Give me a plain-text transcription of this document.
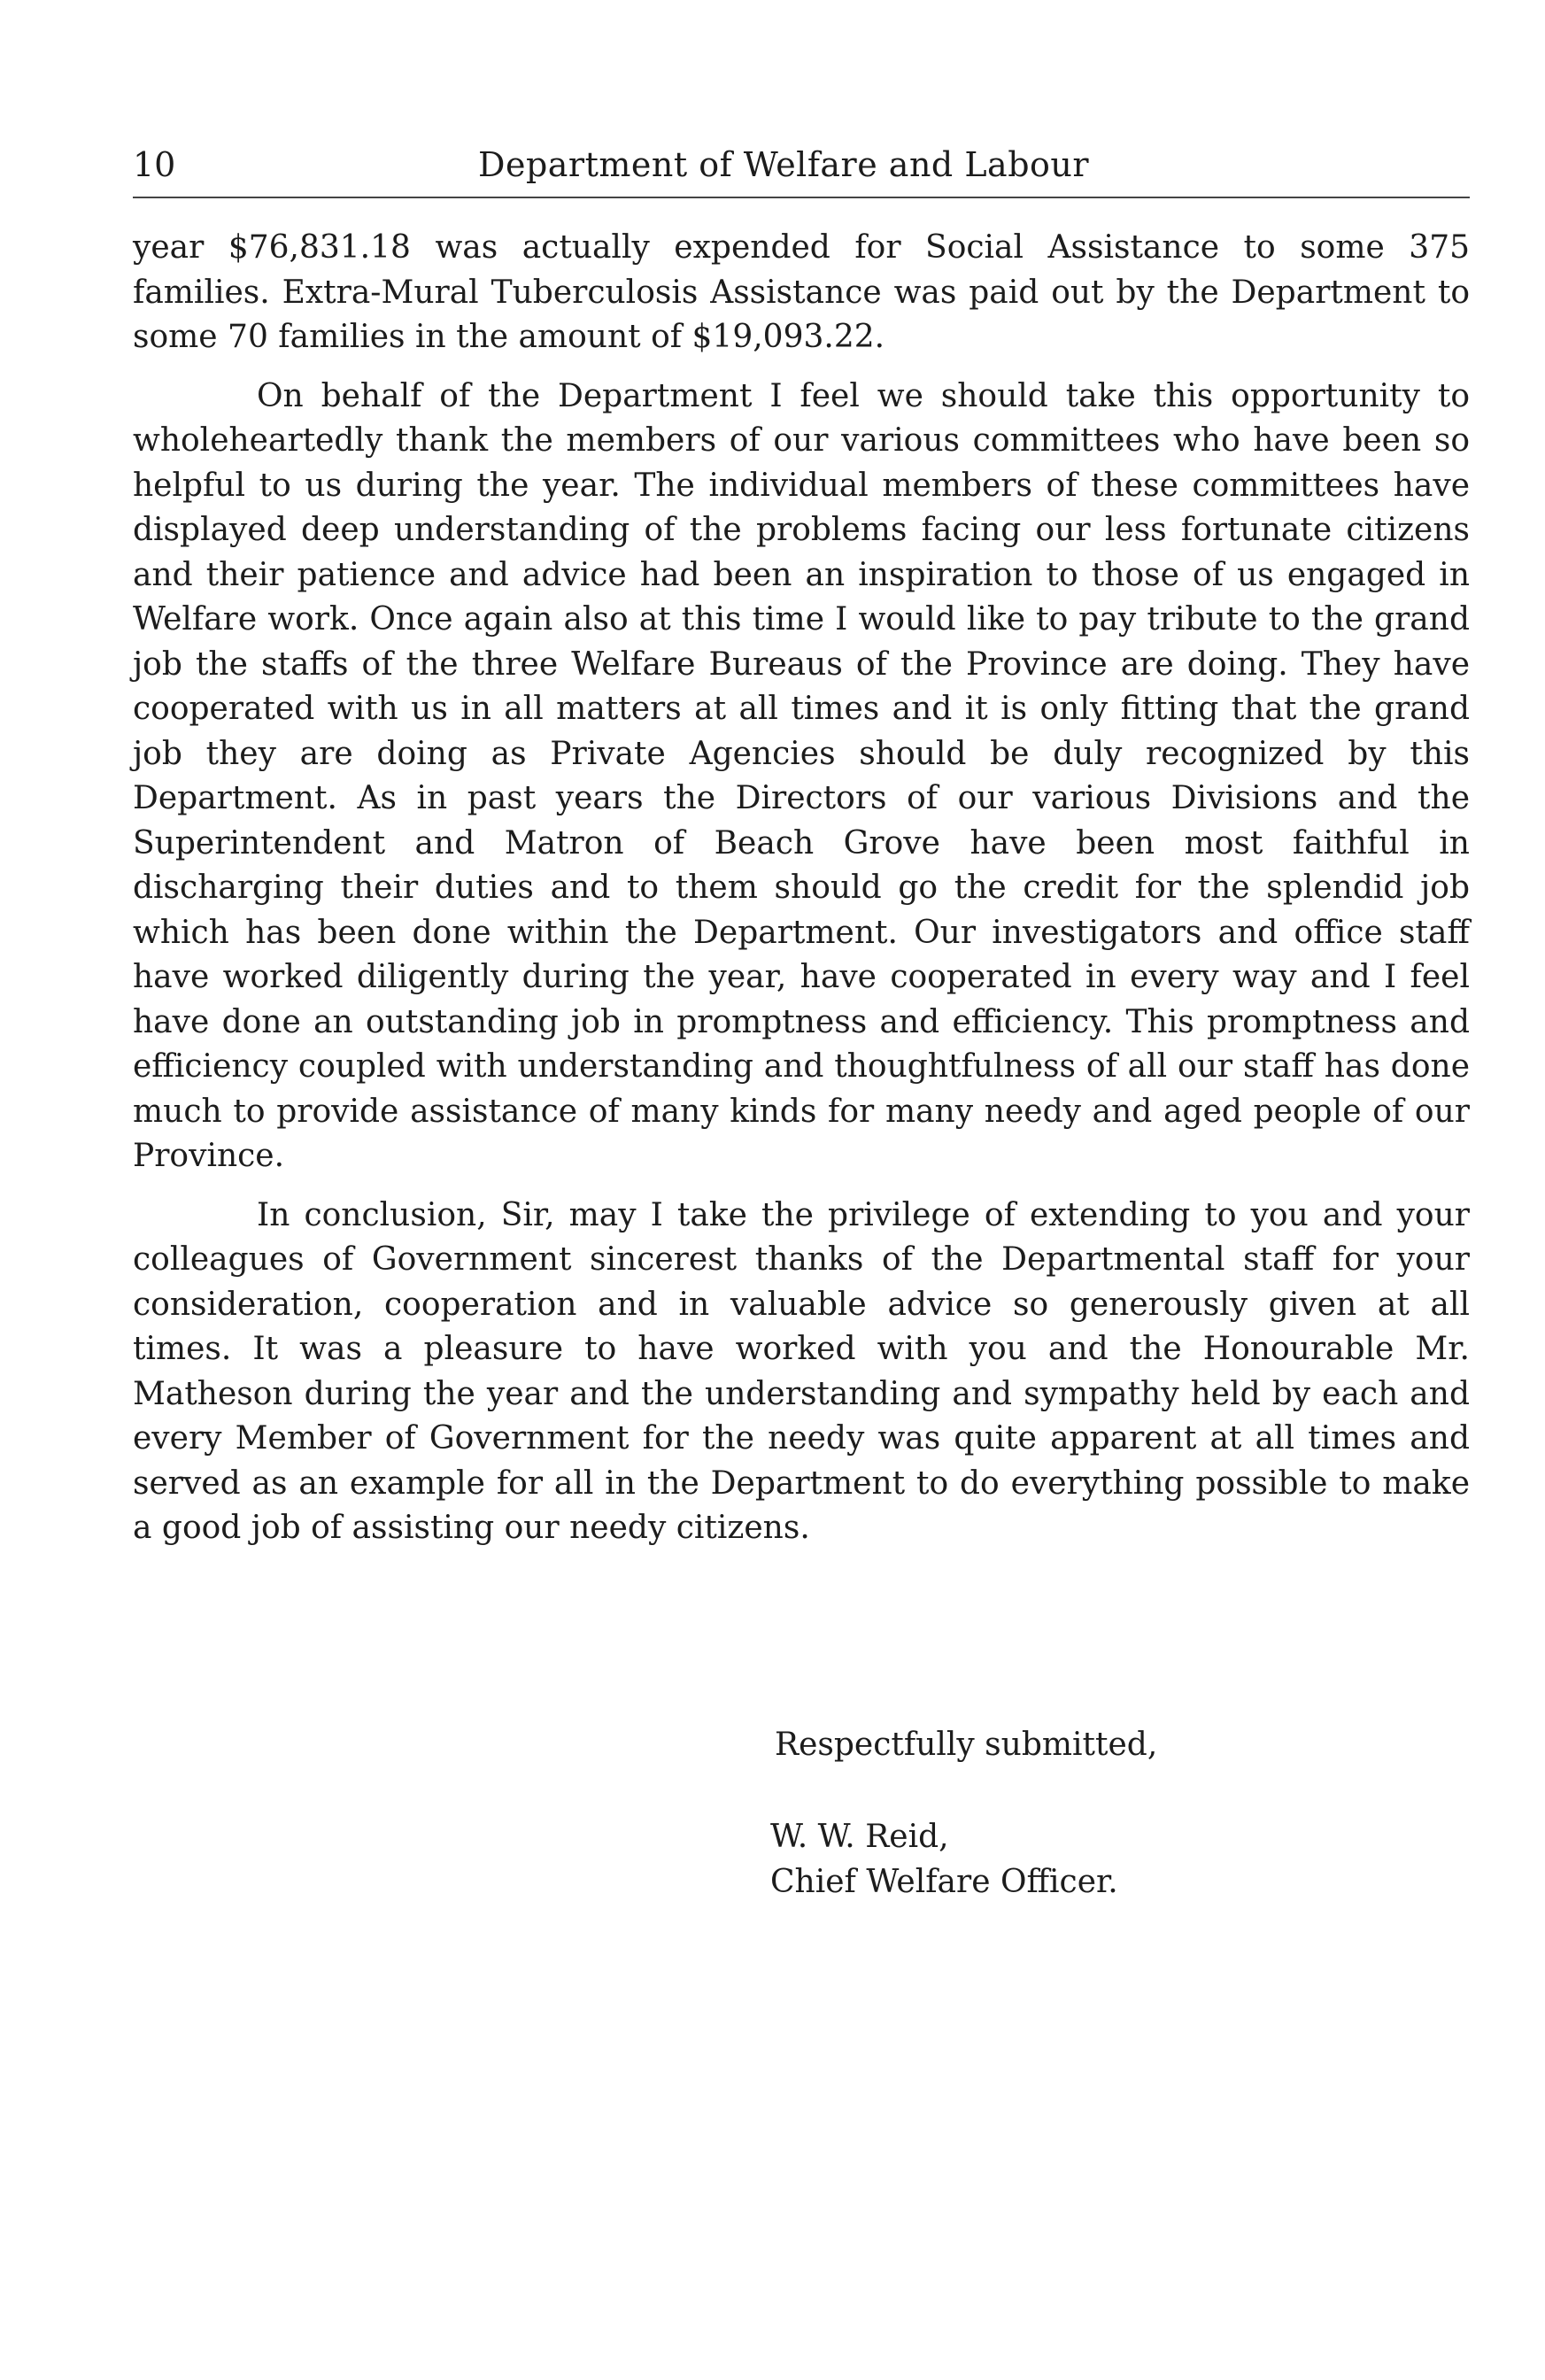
10	Department of Welfare and Labour

year $76,831.18 was actually expended for Social Assistance to some 375 families. Extra-Mural Tuberculosis Assistance was paid out by the Department to some 70 families in the amount of $19,093.22.

On behalf of the Department I feel we should take this opportunity to wholeheartedly thank the members of our various committees who have been so helpful to us during the year. The individual members of these committees have displayed deep understanding of the problems facing our less fortunate citizens and their patience and advice had been an inspiration to those of us engaged in Welfare work. Once again also at this time I would like to pay tribute to the grand job the staffs of the three Welfare Bureaus of the Province are doing. They have cooperated with us in all matters at all times and it is only fitting that the grand job they are doing as Private Agencies should be duly recognized by this Department. As in past years the Directors of our various Divisions and the Superintendent and Matron of Beach Grove have been most faithful in discharging their duties and to them should go the credit for the splendid job which has been done within the Department. Our investigators and office staff have worked diligently during the year, have cooperated in every way and I feel have done an outstanding job in promptness and efficiency. This promptness and efficiency coupled with understanding and thoughtfulness of all our staff has done much to provide assistance of many kinds for many needy and aged people of our Province.

In conclusion, Sir, may I take the privilege of extending to you and your colleagues of Government sincerest thanks of the Departmental staff for your consideration, cooperation and in valuable advice so generously given at all times. It was a pleasure to have worked with you and the Honourable Mr. Matheson during the year and the understanding and sympathy held by each and every Member of Government for the needy was quite apparent at all times and served as an example for all in the Department to do everything possible to make a good job of assisting our needy citizens.

Respectfully submitted,
W. W. Reid,
Chief Welfare Officer.
